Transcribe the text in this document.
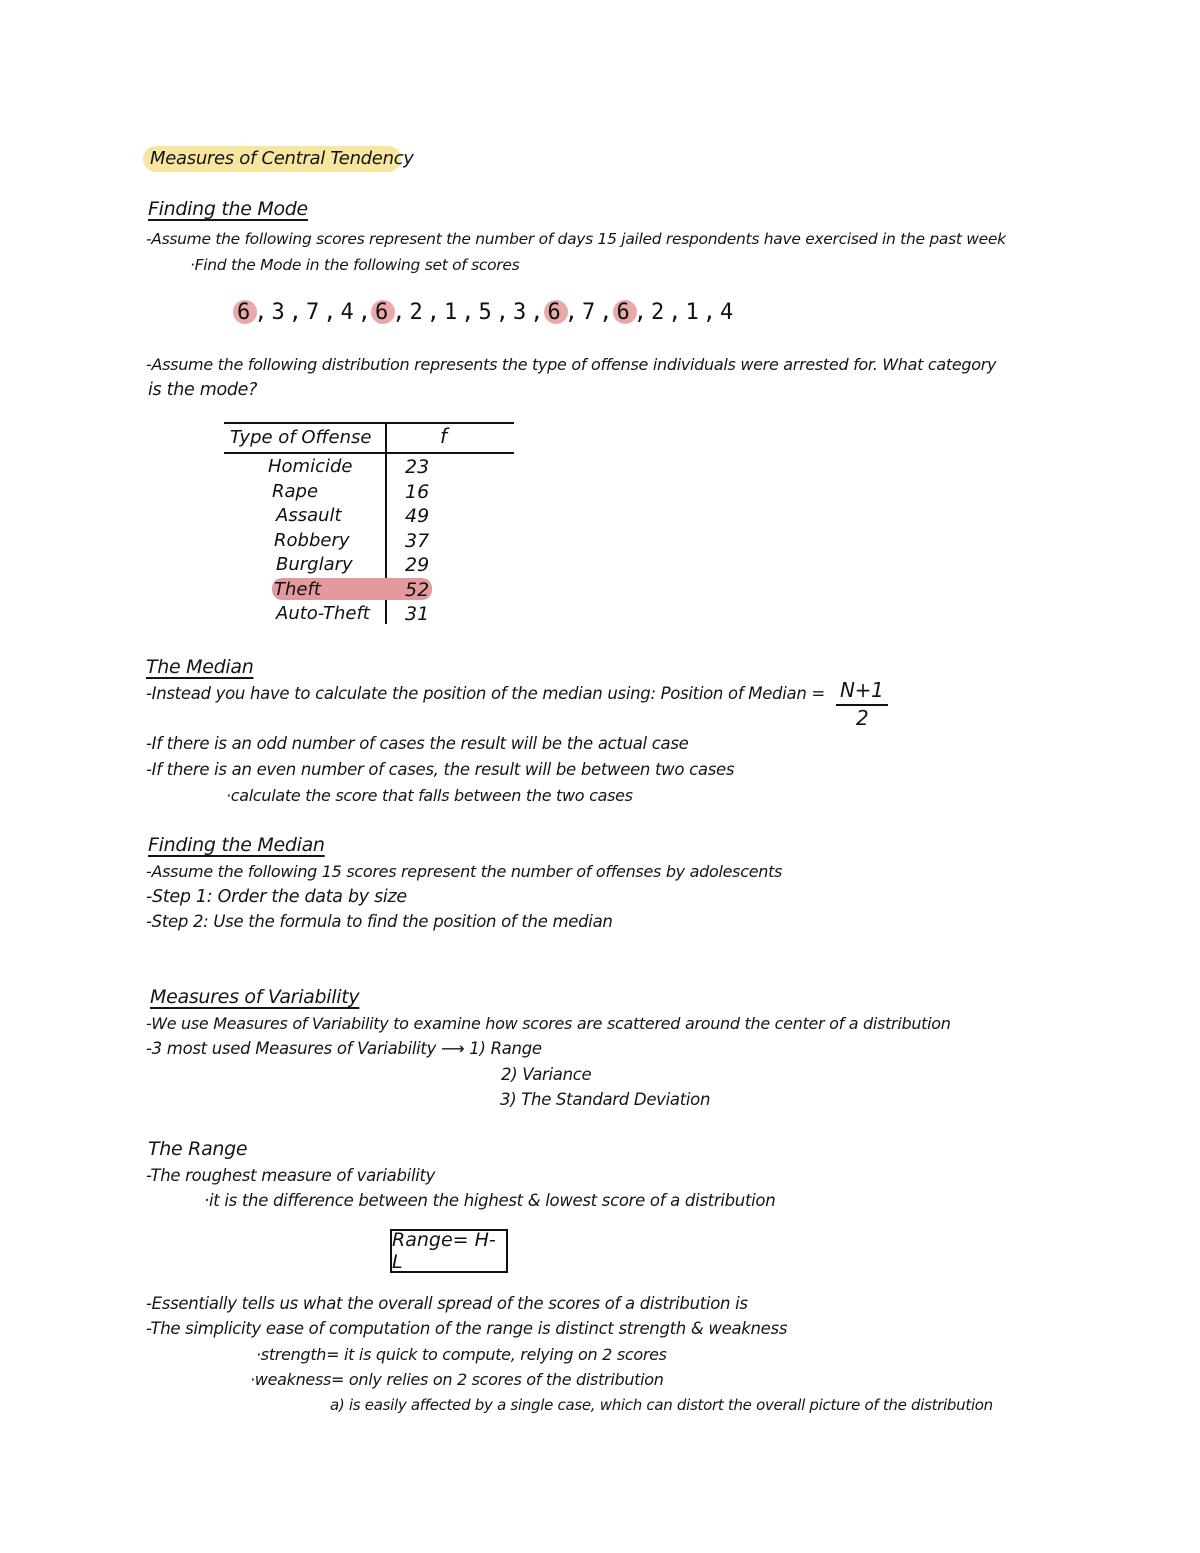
Measures of Central Tendency
Finding the Mode
-Assume the following scores represent the number of days 15 jailed respondents have exercised in the past week
·Find the Mode in the following set of scores
6 , 3 , 7 , 4 , 6 , 2 , 1 , 5 , 3 , 6 , 7 , 6 , 2 , 1 , 4
-Assume the following distribution represents the type of offense individuals were arrested for. What category
is the mode?
Type of Offense	f
Homicide	23
Rape	16
Assault	49
Robbery	37
Burglary	29
Theft	52
Auto-Theft 31
The Median
-Instead you have to calculate the position of the median using: Position of Median = N+1
2
-If there is an odd number of cases the result will be the actual case
-If there is an even number of cases, the result will be between two cases
·calculate the score that falls between the two cases
Finding the Median
-Assume the following 15 scores represent the number of offenses by adolescents
-Step 1: Order the data by size
-Step 2: Use the formula to find the position of the median
Measures of Variability
-We use Measures of Variability to examine how scores are scattered around the center of a distribution
-3 most used Measures of Variability ⟶ 1) Range
2) Variance
3) The Standard Deviation
The Range
-The roughest measure of variability
·it is the difference between the highest & lowest score of a distribution
Range= H-L
-Essentially tells us what the overall spread of the scores of a distribution is
-The simplicity ease of computation of the range is distinct strength & weakness
·strength= it is quick to compute, relying on 2 scores
·weakness= only relies on 2 scores of the distribution
a) is easily affected by a single case, which can distort the overall picture of the distribution
